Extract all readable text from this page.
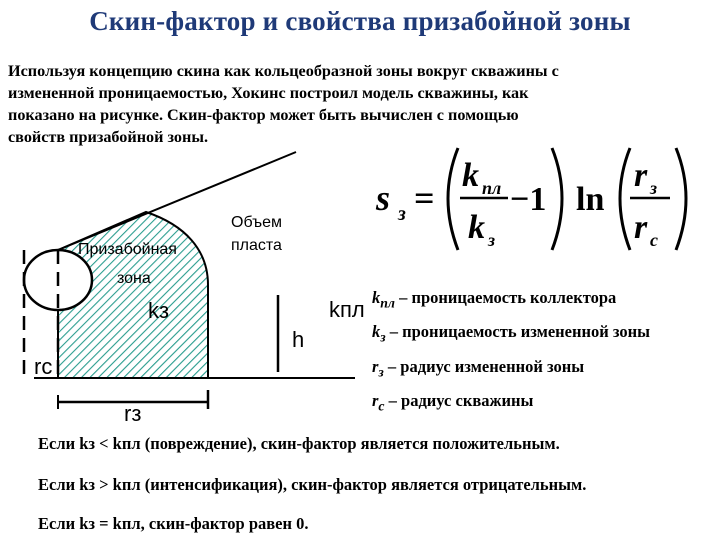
Скин-фактор и свойства призабойной зоны
Используя концепцию скина как кольцеобразной зоны вокруг скважины с
измененной проницаемостью, Хокинс построил модель скважины, как
показано на рисунке. Скин-фактор может быть вычислен с помощью
свойств призабойной зоны.
Призабойная
зона
Объем
пласта
kз	kпл
h
rс
rз
s з =
k пл
k з
−1 ln
r з
r с
$k_{пл}$ – проницаемость коллектора
$k_з$ – проницаемость измененной зоны
$r_з$ – радиус измененной зоны
$r_с$ – радиус скважины
Если kз < kпл (повреждение), скин-фактор является положительным.
Если kз > kпл (интенсификация), скин-фактор является отрицательным.
Если kз = kпл, скин-фактор равен 0.
